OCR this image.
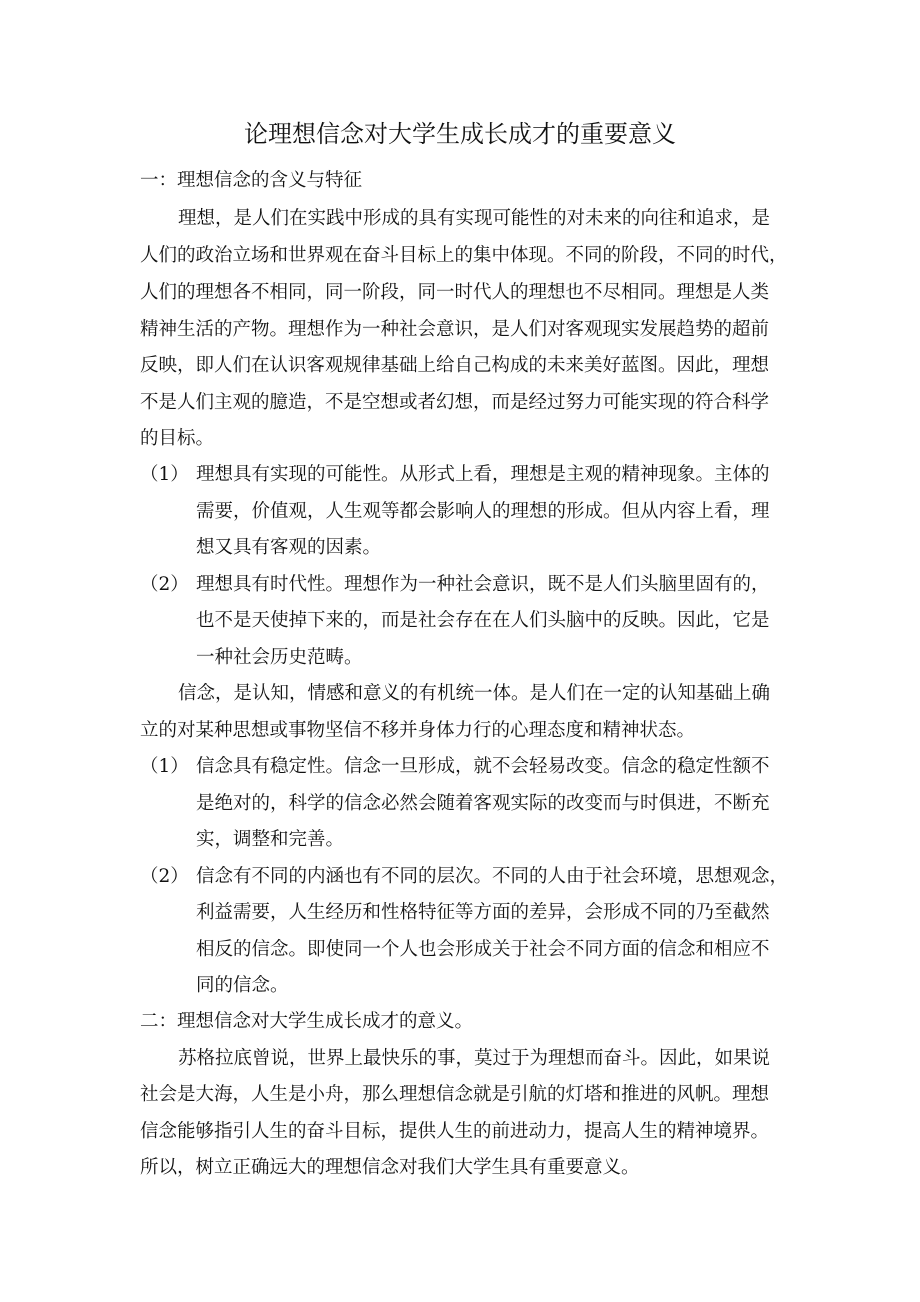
论理想信念对大学生成长成才的重要意义
一：理想信念的含义与特征
理想，是人们在实践中形成的具有实现可能性的对未来的向往和追求，是
人们的政治立场和世界观在奋斗目标上的集中体现。不同的阶段，不同的时代，
人们的理想各不相同，同一阶段，同一时代人的理想也不尽相同。理想是人类
精神生活的产物。理想作为一种社会意识，是人们对客观现实发展趋势的超前
反映，即人们在认识客观规律基础上给自己构成的未来美好蓝图。因此，理想
不是人们主观的臆造，不是空想或者幻想，而是经过努力可能实现的符合科学
的目标。
（1） 理想具有实现的可能性。从形式上看，理想是主观的精神现象。主体的
需要，价值观，人生观等都会影响人的理想的形成。但从内容上看，理
想又具有客观的因素。
（2） 理想具有时代性。理想作为一种社会意识，既不是人们头脑里固有的，
也不是天使掉下来的，而是社会存在在人们头脑中的反映。因此，它是
一种社会历史范畴。
信念，是认知，情感和意义的有机统一体。是人们在一定的认知基础上确
立的对某种思想或事物坚信不移并身体力行的心理态度和精神状态。
（1） 信念具有稳定性。信念一旦形成，就不会轻易改变。信念的稳定性额不
是绝对的，科学的信念必然会随着客观实际的改变而与时俱进，不断充
实，调整和完善。
（2） 信念有不同的内涵也有不同的层次。不同的人由于社会环境，思想观念，
利益需要，人生经历和性格特征等方面的差异，会形成不同的乃至截然
相反的信念。即使同一个人也会形成关于社会不同方面的信念和相应不
同的信念。
二：理想信念对大学生成长成才的意义。
苏格拉底曾说，世界上最快乐的事，莫过于为理想而奋斗。因此，如果说
社会是大海，人生是小舟，那么理想信念就是引航的灯塔和推进的风帆。理想
信念能够指引人生的奋斗目标，提供人生的前进动力，提高人生的精神境界。
所以，树立正确远大的理想信念对我们大学生具有重要意义。
